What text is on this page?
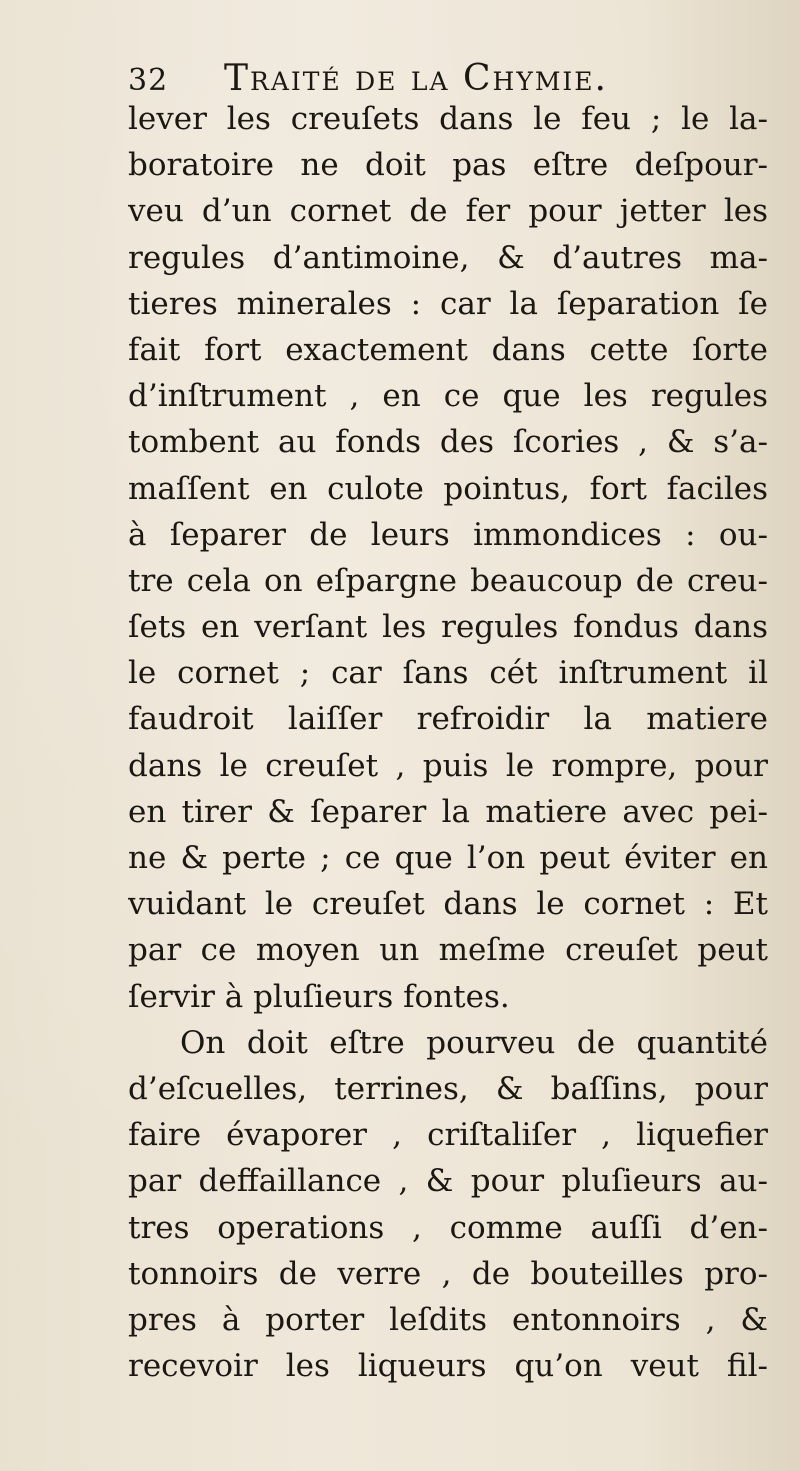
32	Traité de la Chymie.
lever les creuſets dans le feu ; le la-
boratoire ne doit pas eſtre deſpour-
veu d’un cornet de fer pour jetter les
regules d’antimoine, & d’autres ma-
tieres minerales : car la ſeparation ſe
fait fort exactement dans cette ſorte
d’inſtrument , en ce que les regules
tombent au fonds des ſcories , & s’a-
maſſent en culote pointus, fort faciles
à ſeparer de leurs immondices : ou-
tre cela on eſpargne beaucoup de creu-
ſets en verſant les regules fondus dans
le cornet ; car ſans cét inſtrument il
faudroit laiſſer refroidir la matiere
dans le creuſet , puis le rompre, pour
en tirer & ſeparer la matiere avec pei-
ne & perte ; ce que l’on peut éviter en
vuidant le creuſet dans le cornet : Et
par ce moyen un meſme creuſet peut
ſervir à pluſieurs fontes.
On doit eſtre pourveu de quantité
d’eſcuelles, terrines, & baſſins, pour
faire évaporer , criſtaliſer , liquefier
par deffaillance , & pour pluſieurs au-
tres operations , comme auſſi d’en-
tonnoirs de verre , de bouteilles pro-
pres à porter leſdits entonnoirs , &
recevoir les liqueurs qu’on veut fil-
